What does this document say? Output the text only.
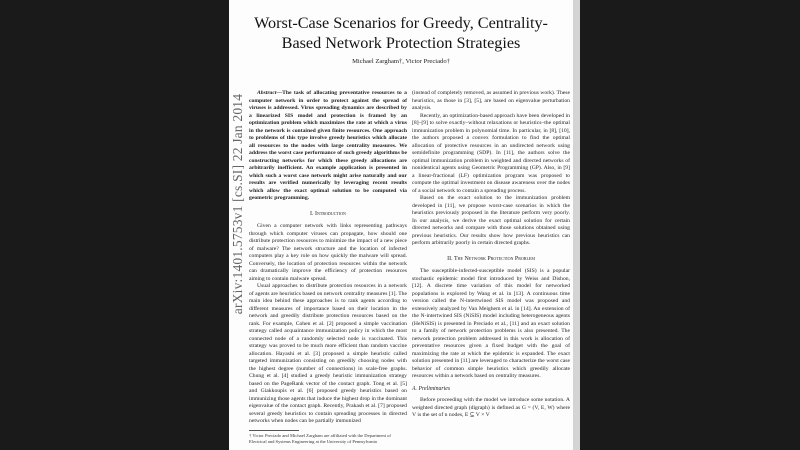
Worst-Case Scenarios for Greedy, Centrality-Based Network Protection Strategies
Michael Zargham†, Victor Preciado†

Abstract—The task of allocating preventative resources to a computer network in order to protect against the spread of viruses is addressed. Virus spreading dynamics are described by a linearized SIS model and protection is framed by an optimization problem which maximizes the rate at which a virus in the network is contained given finite resources. One approach to problems of this type involve greedy heuristics which allocate all resources to the nodes with large centrality measures. We address the worst case performance of such greedy algorithms be constructing networks for which these greedy allocations are arbitrarily inefficient. An example application is presented in which such a worst case network might arise naturally and our results are verified numerically by leveraging recent results which allow the exact optimal solution to be computed via geometric programming.

I. Introduction

Given a computer network with links representing pathways through which computer viruses can propagate, how should one distribute protection resources to minimize the impact of a new piece of malware? The network structure and the location of infected computers play a key role on how quickly the malware will spread. Conversely, the location of protection resources within the network can dramatically improve the efficiency of protection resources aiming to contain malware spread.

Usual approaches to distribute protection resources in a network of agents are heuristics based on network centrality measures [1]. The main idea behind these approaches is to rank agents according to different measures of importance based on their location in the network and greedily distribute protection resources based on the rank. For example, Cohen et al. [2] proposed a simple vaccination strategy called acquaintance immunization policy in which the most connected node of a randomly selected node is vaccinated. This strategy was proved to be much more efficient than random vaccine allocation. Hayashi et al. [3] proposed a simple heuristic called targeted immunization consisting on greedily choosing nodes with the highest degree (number of connections) in scale-free graphs. Chung et al. [4] studied a greedy heuristic immunization strategy based on the PageRank vector of the contact graph. Tong et al. [5] and Giakkoupis et al. [6] proposed greedy heuristics based on immunizing those agents that induce the highest drop in the dominant eigenvalue of the contact graph. Recently, Prakash et al. [7] proposed several greedy heuristics to contain spreading processes in directed networks when nodes can be partially immunized

(instead of completely removed, as assumed in previous work). These heuristics, as those in [3], [5], are based on eigenvalue perturbation analysis.

Recently, an optimization-based approach have been developed in [8]–[9] to solve exactly–without relaxations or heuristics–the optimal immunization problem in polynomial time. In particular, in [8], [10], the authors proposed a convex formulation to find the optimal allocation of protective resources in an undirected network using semidefinite programming (SDP). In [11], the authors solve the optimal immunization problem in weighted and directed networks of nonidentical agents using Geometric Programming (GP). Also, in [9] a linear-fractional (LF) optimization program was proposed to compute the optimal investment on disease awareness over the nodes of a social network to contain a spreading process.

Based on the exact solution to the immunization problem developed in [11], we propose worst-case scenarios in which the heuristics previously proposed in the literature perform very poorly. In our analysis, we derive the exact optimal solution for certain directed networks and compare with those solutions obtained using previous heuristics. Our results show how previous heuristics can perform arbitrarily poorly in certain directed graphs.

II. The Network Protection Problem

The susceptible-infected-susceptible model (SIS) is a popular stochastic epidemic model first introduced by Weiss and Dishon, [12]. A discrete time variation of this model for networked populations is explored by Wang et al. in [13]. A continuous time version called the N-intertwined SIS model was proposed and extensively analyzed by Van Meighem et al. in [14]. An extension of the N-intertwined SIS (NiSIS) model including heterogeneous agents (HeNiSIS) is presented in Preciado et al., [11] and an exact solution to a family of network protection problems is also presented. The network protection problem addressed in this work is allocation of preventative resources given a fixed budget with the goal of maximizing the rate at which the epidemic is expanded. The exact solution presented in [11] are leveraged to characterize the worst case behavior of common simple heuristics which greedily allocate resources within a network based on centrality measures.

A. Preliminaries

Before proceeding with the model we introduce some notation. A weighted directed graph (digraph) is defined as G = (V, E, W) where V is the set of n nodes, E ⊆ V × V

† Victor Preciado and Michael Zargham are affiliated with the Department of Electrical and Systems Engineering at the University of Pennsylvania
arXiv:1401.5753v1 [cs.SI] 22 Jan 2014
